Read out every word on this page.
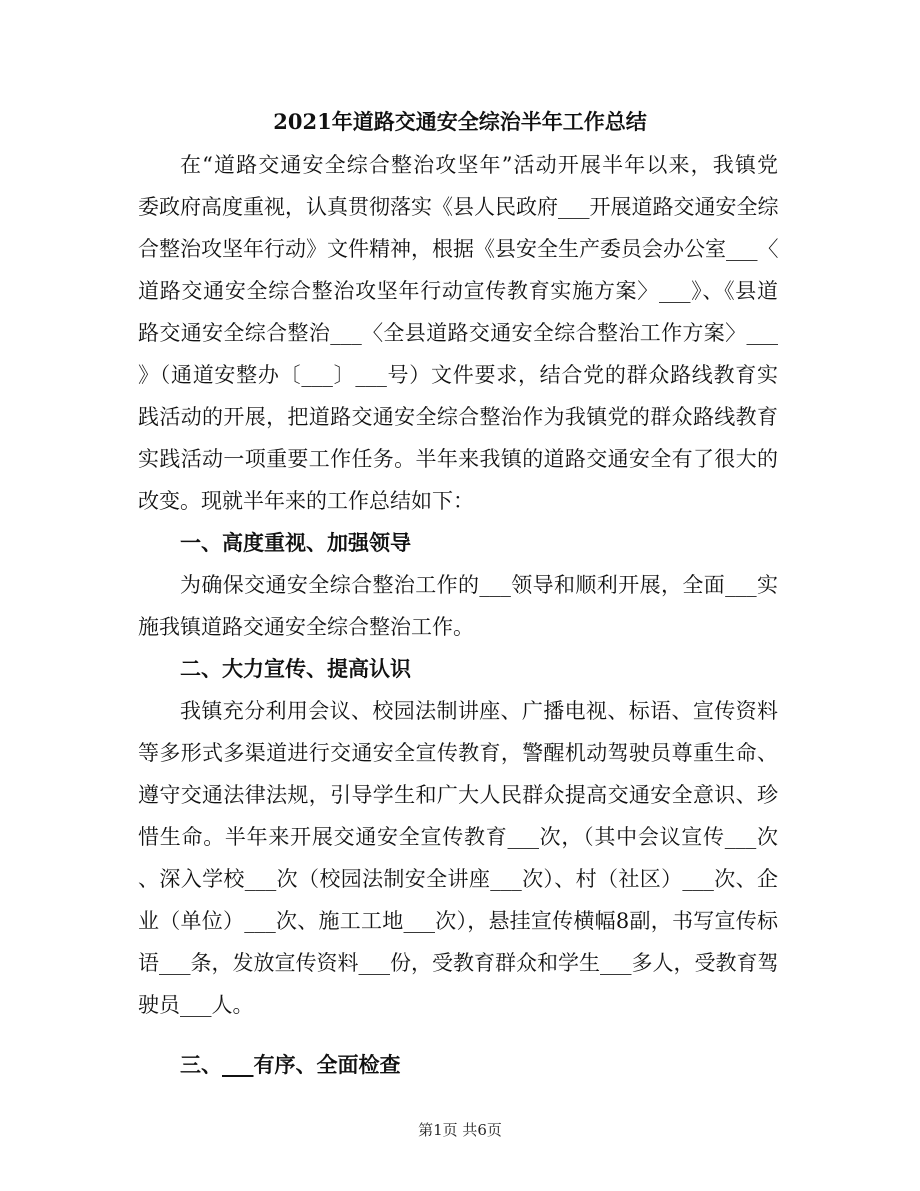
2021年道路交通安全综治半年工作总结
在“道路交通安全综合整治攻坚年”活动开展半年以来，我镇党
委政府高度重视，认真贯彻落实《县人民政府___开展道路交通安全综
合整治攻坚年行动》文件精神，根据《县安全生产委员会办公室___〈
道路交通安全综合整治攻坚年行动宣传教育实施方案〉___》、《县道
路交通安全综合整治___〈全县道路交通安全综合整治工作方案〉___
》（通道安整办〔___〕___号）文件要求，结合党的群众路线教育实
践活动的开展，把道路交通安全综合整治作为我镇党的群众路线教育
实践活动一项重要工作任务。半年来我镇的道路交通安全有了很大的
改变。现就半年来的工作总结如下：
一、高度重视、加强领导
为确保交通安全综合整治工作的___领导和顺利开展，全面___实
施我镇道路交通安全综合整治工作。
二、大力宣传、提高认识
我镇充分利用会议、校园法制讲座、广播电视、标语、宣传资料
等多形式多渠道进行交通安全宣传教育，警醒机动驾驶员尊重生命、
遵守交通法律法规，引导学生和广大人民群众提高交通安全意识、珍
惜生命。半年来开展交通安全宣传教育___次，（其中会议宣传___次
、深入学校___次（校园法制安全讲座___次）、村（社区）___次、企
业（单位）___次、施工工地___次），悬挂宣传横幅8副，书写宣传标
语___条，发放宣传资料___份，受教育群众和学生___多人，受教育驾
驶员___人。
三、___有序、全面检查
第1页 共6页
